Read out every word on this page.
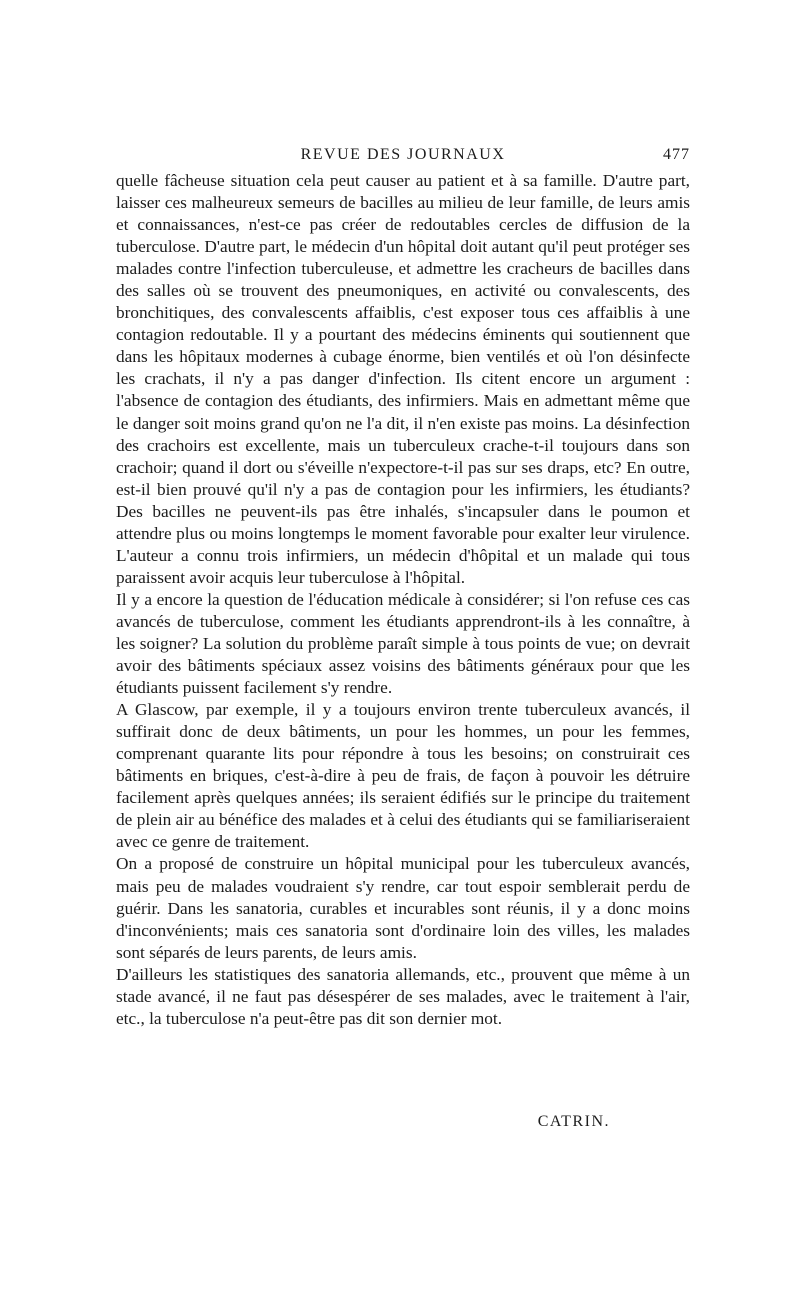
REVUE DES JOURNAUX	477

quelle fâcheuse situation cela peut causer au patient et à sa famille. D'autre part, laisser ces malheureux semeurs de bacilles au milieu de leur famille, de leurs amis et connaissances, n'est-ce pas créer de redoutables cercles de diffusion de la tuberculose. D'autre part, le médecin d'un hôpital doit autant qu'il peut protéger ses malades contre l'infection tuberculeuse, et admettre les cracheurs de bacilles dans des salles où se trouvent des pneumoniques, en activité ou convalescents, des bronchitiques, des convalescents affaiblis, c'est exposer tous ces affaiblis à une contagion redoutable. Il y a pourtant des médecins éminents qui soutiennent que dans les hôpitaux modernes à cubage énorme, bien ventilés et où l'on désinfecte les crachats, il n'y a pas danger d'infection. Ils citent encore un argument : l'absence de contagion des étudiants, des infirmiers. Mais en admettant même que le danger soit moins grand qu'on ne l'a dit, il n'en existe pas moins. La désinfection des crachoirs est excellente, mais un tuberculeux crache-t-il toujours dans son crachoir; quand il dort ou s'éveille n'expectore-t-il pas sur ses draps, etc? En outre, est-il bien prouvé qu'il n'y a pas de contagion pour les infirmiers, les étudiants? Des bacilles ne peuvent-ils pas être inhalés, s'incapsuler dans le poumon et attendre plus ou moins longtemps le moment favorable pour exalter leur virulence. L'auteur a connu trois infirmiers, un médecin d'hôpital et un malade qui tous paraissent avoir acquis leur tuberculose à l'hôpital.

Il y a encore la question de l'éducation médicale à considérer; si l'on refuse ces cas avancés de tuberculose, comment les étudiants apprendront-ils à les connaître, à les soigner? La solution du problème paraît simple à tous points de vue; on devrait avoir des bâtiments spéciaux assez voisins des bâtiments généraux pour que les étudiants puissent facilement s'y rendre.

A Glascow, par exemple, il y a toujours environ trente tuberculeux avancés, il suffirait donc de deux bâtiments, un pour les hommes, un pour les femmes, comprenant quarante lits pour répondre à tous les besoins; on construirait ces bâtiments en briques, c'est-à-dire à peu de frais, de façon à pouvoir les détruire facilement après quelques années; ils seraient édifiés sur le principe du traitement de plein air au bénéfice des malades et à celui des étudiants qui se familiariseraient avec ce genre de traitement.

On a proposé de construire un hôpital municipal pour les tuberculeux avancés, mais peu de malades voudraient s'y rendre, car tout espoir semblerait perdu de guérir. Dans les sanatoria, curables et incurables sont réunis, il y a donc moins d'inconvénients; mais ces sanatoria sont d'ordinaire loin des villes, les malades sont séparés de leurs parents, de leurs amis.

D'ailleurs les statistiques des sanatoria allemands, etc., prouvent que même à un stade avancé, il ne faut pas désespérer de ses malades, avec le traitement à l'air, etc., la tuberculose n'a peut-être pas dit son dernier mot.

CATRIN.
